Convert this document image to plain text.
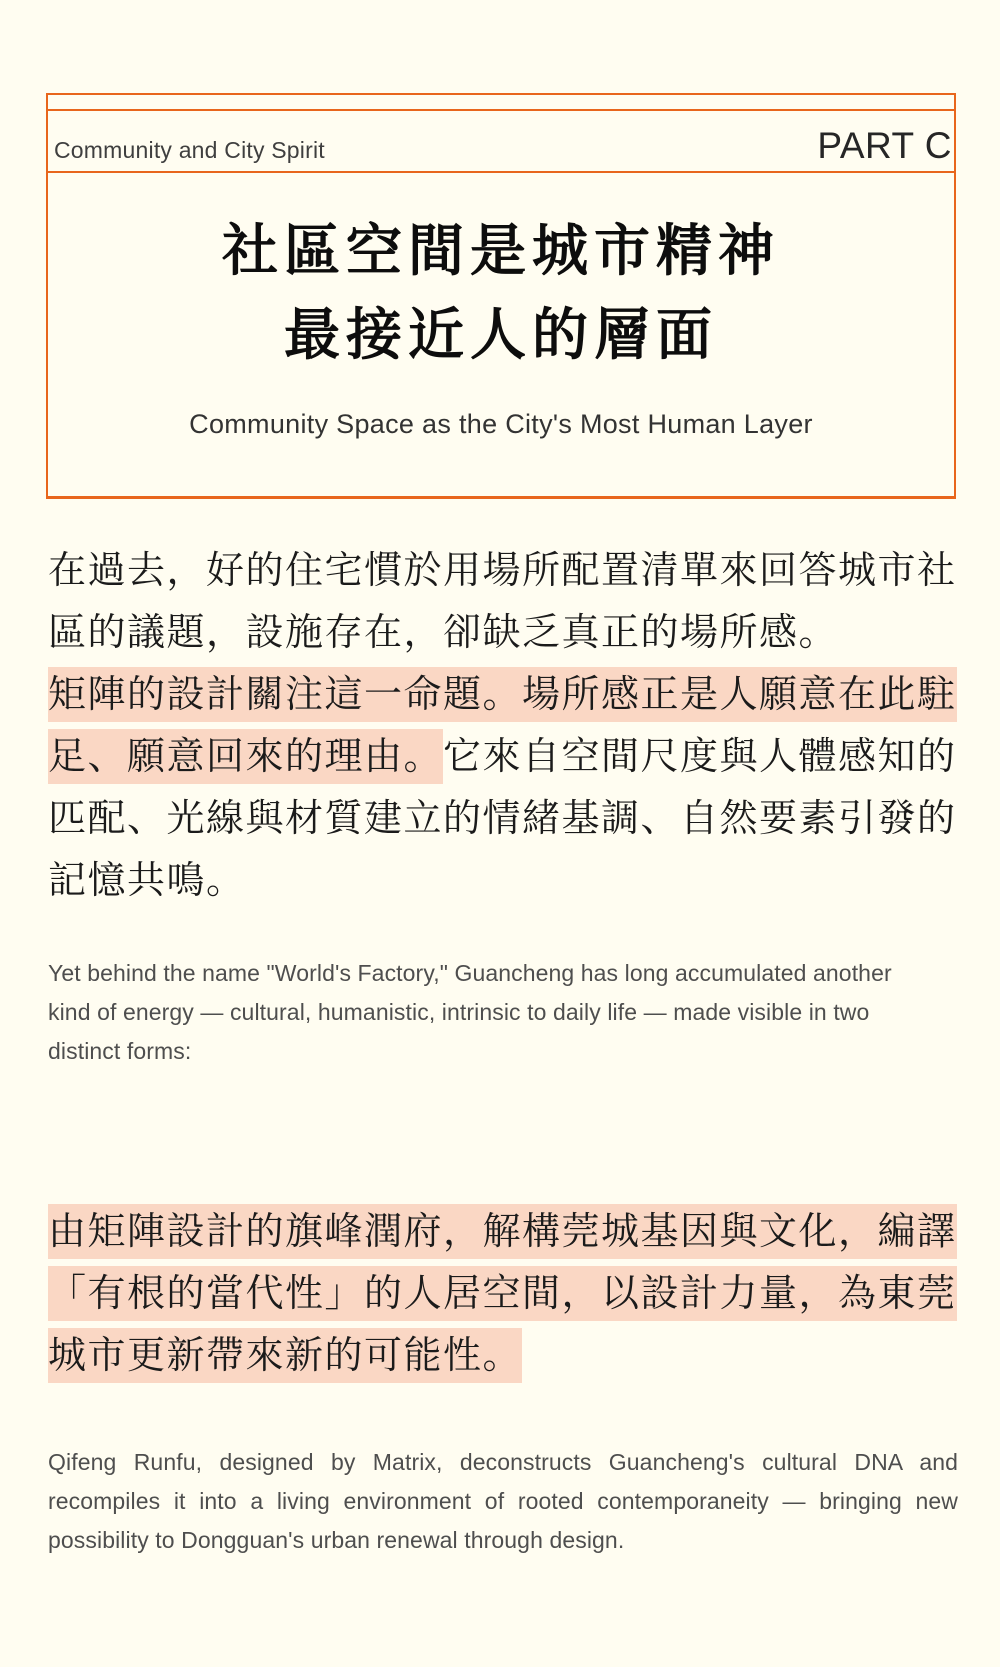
Community and City Spirit	PART C
社區空間是城市精神
最接近人的層面
Community Space as the City's Most Human Layer
在過去，好的住宅慣於用場所配置清單來回答城市社
區的議題，設施存在，卻缺乏真正的場所感。
矩陣的設計關注這一命題。場所感正是人願意在此駐
足、願意回來的理由。它來自空間尺度與人體感知的
匹配、光線與材質建立的情緒基調、自然要素引發的
記憶共鳴。
Yet behind the name "World's Factory," Guancheng has long accumulated another
kind of energy — cultural, humanistic, intrinsic to daily life — made visible in two
distinct forms:
由矩陣設計的旗峰潤府，解構莞城基因與文化，編譯
「有根的當代性」的人居空間，以設計力量，為東莞
城市更新帶來新的可能性。
Qifeng Runfu, designed by Matrix, deconstructs Guancheng's cultural DNA and
recompiles it into a living environment of rooted contemporaneity — bringing new
possibility to Dongguan's urban renewal through design.
